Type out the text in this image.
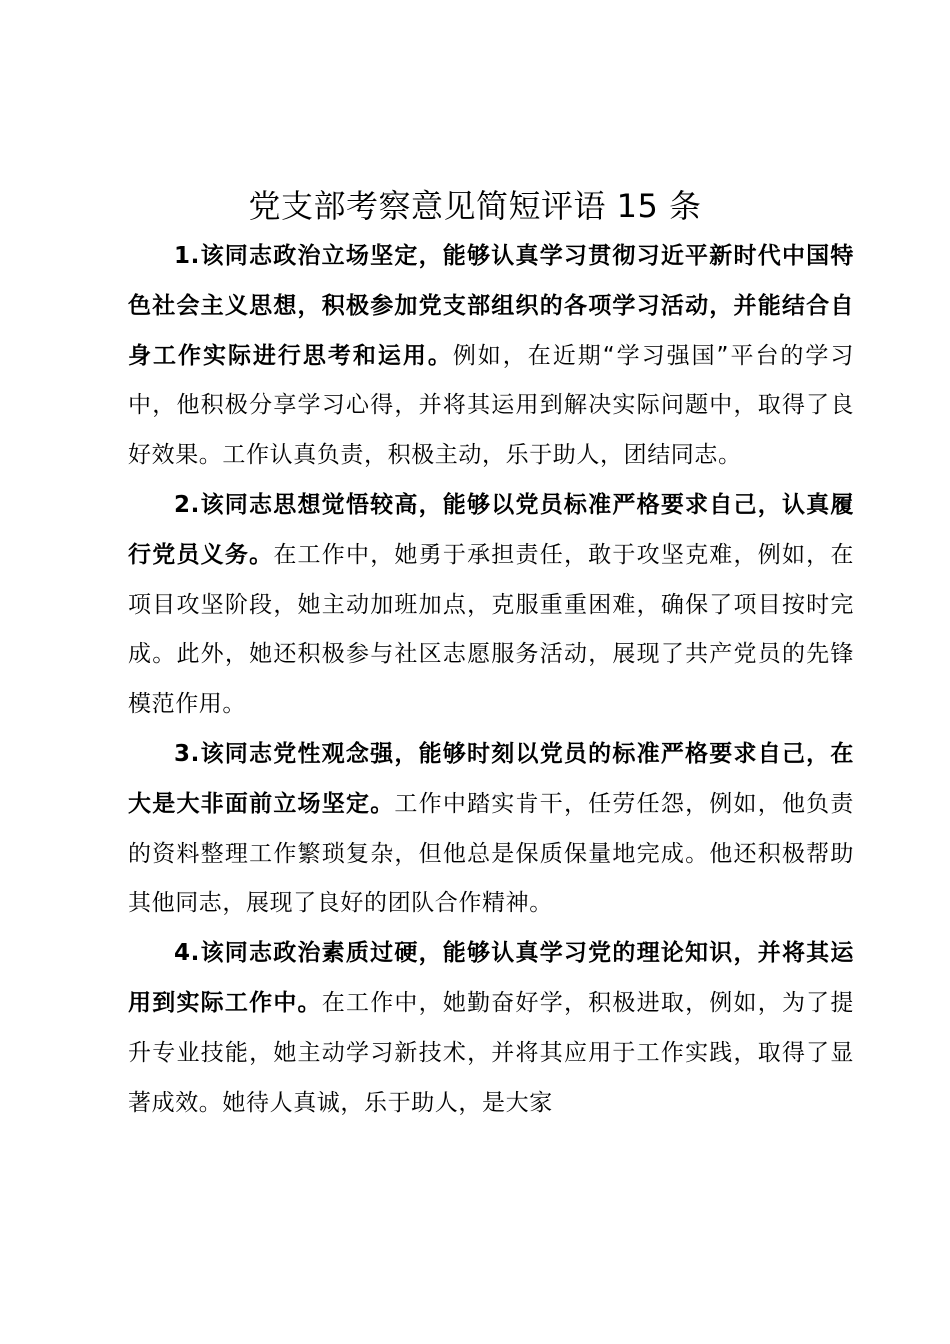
党支部考察意见简短评语 15 条

1.该同志政治立场坚定，能够认真学习贯彻习近平新时代中国特色社会主义思想，积极参加党支部组织的各项学习活动，并能结合自身工作实际进行思考和运用。例如，在近期“学习强国”平台的学习中，他积极分享学习心得，并将其运用到解决实际问题中，取得了良好效果。工作认真负责，积极主动，乐于助人，团结同志。

2.该同志思想觉悟较高，能够以党员标准严格要求自己，认真履行党员义务。在工作中，她勇于承担责任，敢于攻坚克难，例如，在项目攻坚阶段，她主动加班加点，克服重重困难，确保了项目按时完成。此外，她还积极参与社区志愿服务活动，展现了共产党员的先锋模范作用。

3.该同志党性观念强，能够时刻以党员的标准严格要求自己，在大是大非面前立场坚定。工作中踏实肯干，任劳任怨，例如，他负责的资料整理工作繁琐复杂，但他总是保质保量地完成。他还积极帮助其他同志，展现了良好的团队合作精神。

4.该同志政治素质过硬，能够认真学习党的理论知识，并将其运用到实际工作中。在工作中，她勤奋好学，积极进取，例如，为了提升专业技能，她主动学习新技术，并将其应用于工作实践，取得了显著成效。她待人真诚，乐于助人，是大家
